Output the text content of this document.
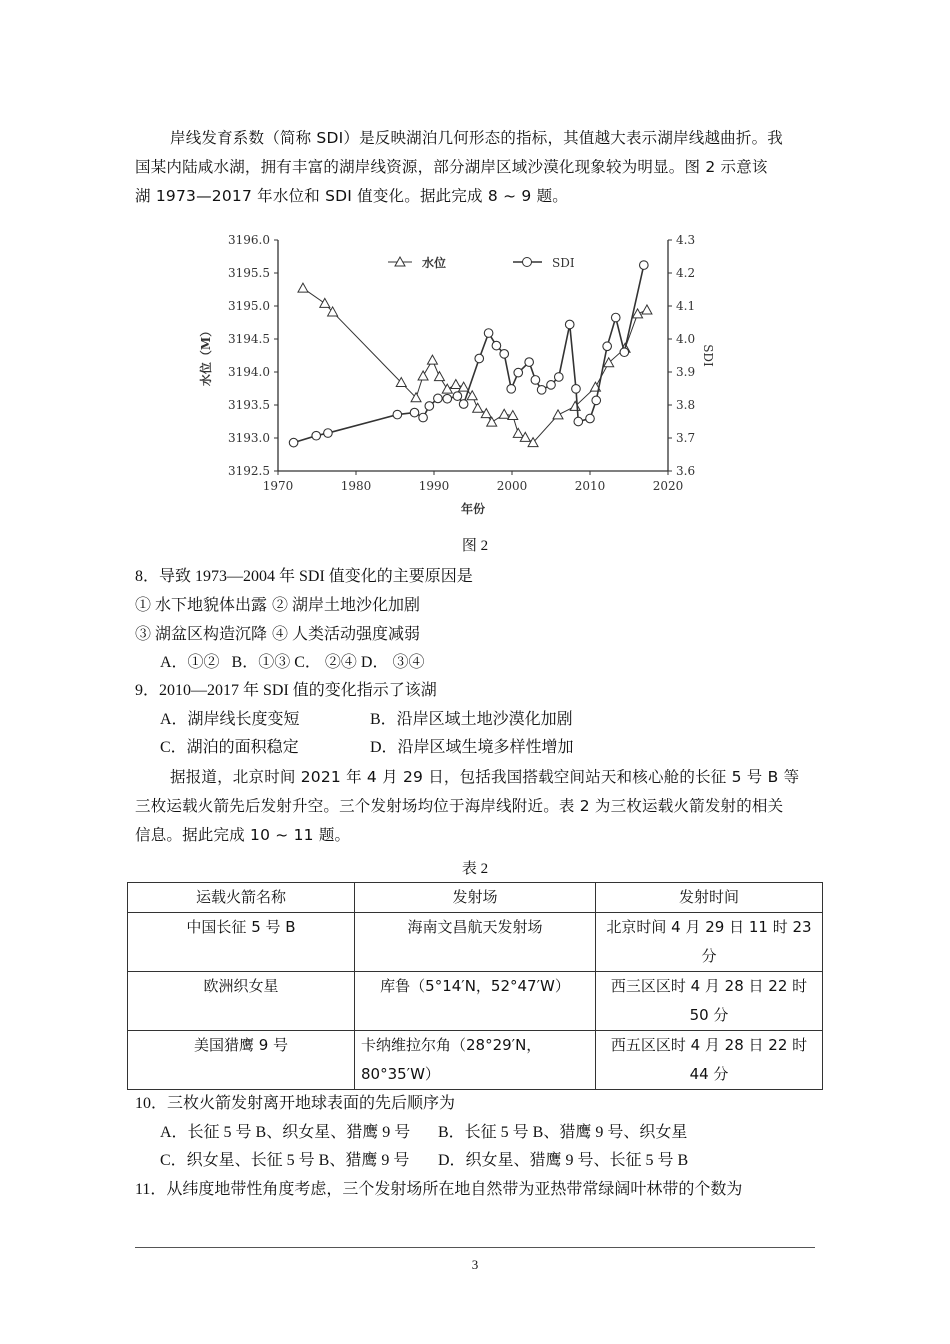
岸线发育系数（简称 SDI）是反映湖泊几何形态的指标，其值越大表示湖岸线越曲折。我
国某内陆咸水湖，拥有丰富的湖岸线资源，部分湖岸区域沙漠化现象较为明显。图 2 示意该
湖 1973—2017 年水位和 SDI 值变化。据此完成 8 ~ 9 题。
1970	1980	1990	2000	2010	2020
3192.5
3193.0
3193.5
3194.0
3194.5
3195.0
3195.5
3196.0
3.6
3.7
3.8
3.9
4.0
4.1
4.2
4.3
年份
水位（M）	SDI
水位	SDI
图 2
8．导致 1973—2004 年 SDI 值变化的主要原因是
① 水下地貌体出露 ② 湖岸土地沙化加剧
③ 湖盆区构造沉降 ④ 人类活动强度减弱
A．①②   B．①③ C． ②④ D． ③④
9．2010—2017 年 SDI 值的变化指示了该湖
A．湖岸线长度变短	B．沿岸区域土地沙漠化加剧
C．湖泊的面积稳定	D．沿岸区域生境多样性增加
据报道，北京时间 2021 年 4 月 29 日，包括我国搭载空间站天和核心舱的长征 5 号 B 等
三枚运载火箭先后发射升空。三个发射场均位于海岸线附近。表 2 为三枚运载火箭发射的相关
信息。据此完成 10 ~ 11 题。
表 2
运载火箭名称	发射场	发射时间
中国长征 5 号 B	海南文昌航天发射场	北京时间 4 月 29 日 11 时 23 分
欧洲织女星	库鲁（5°14′N，52°47′W）	西三区区时 4 月 28 日 22 时 50 分
美国猎鹰 9 号	卡纳维拉尔角（28°29′N，80°35′W）	西五区区时 4 月 28 日 22 时 44 分
10．三枚火箭发射离开地球表面的先后顺序为
A．长征 5 号 B、织女星、猎鹰 9 号 B．长征 5 号 B、猎鹰 9 号、织女星
C．织女星、长征 5 号 B、猎鹰 9 号 D．织女星、猎鹰 9 号、长征 5 号 B
11．从纬度地带性角度考虑，三个发射场所在地自然带为亚热带常绿阔叶林带的个数为
3
